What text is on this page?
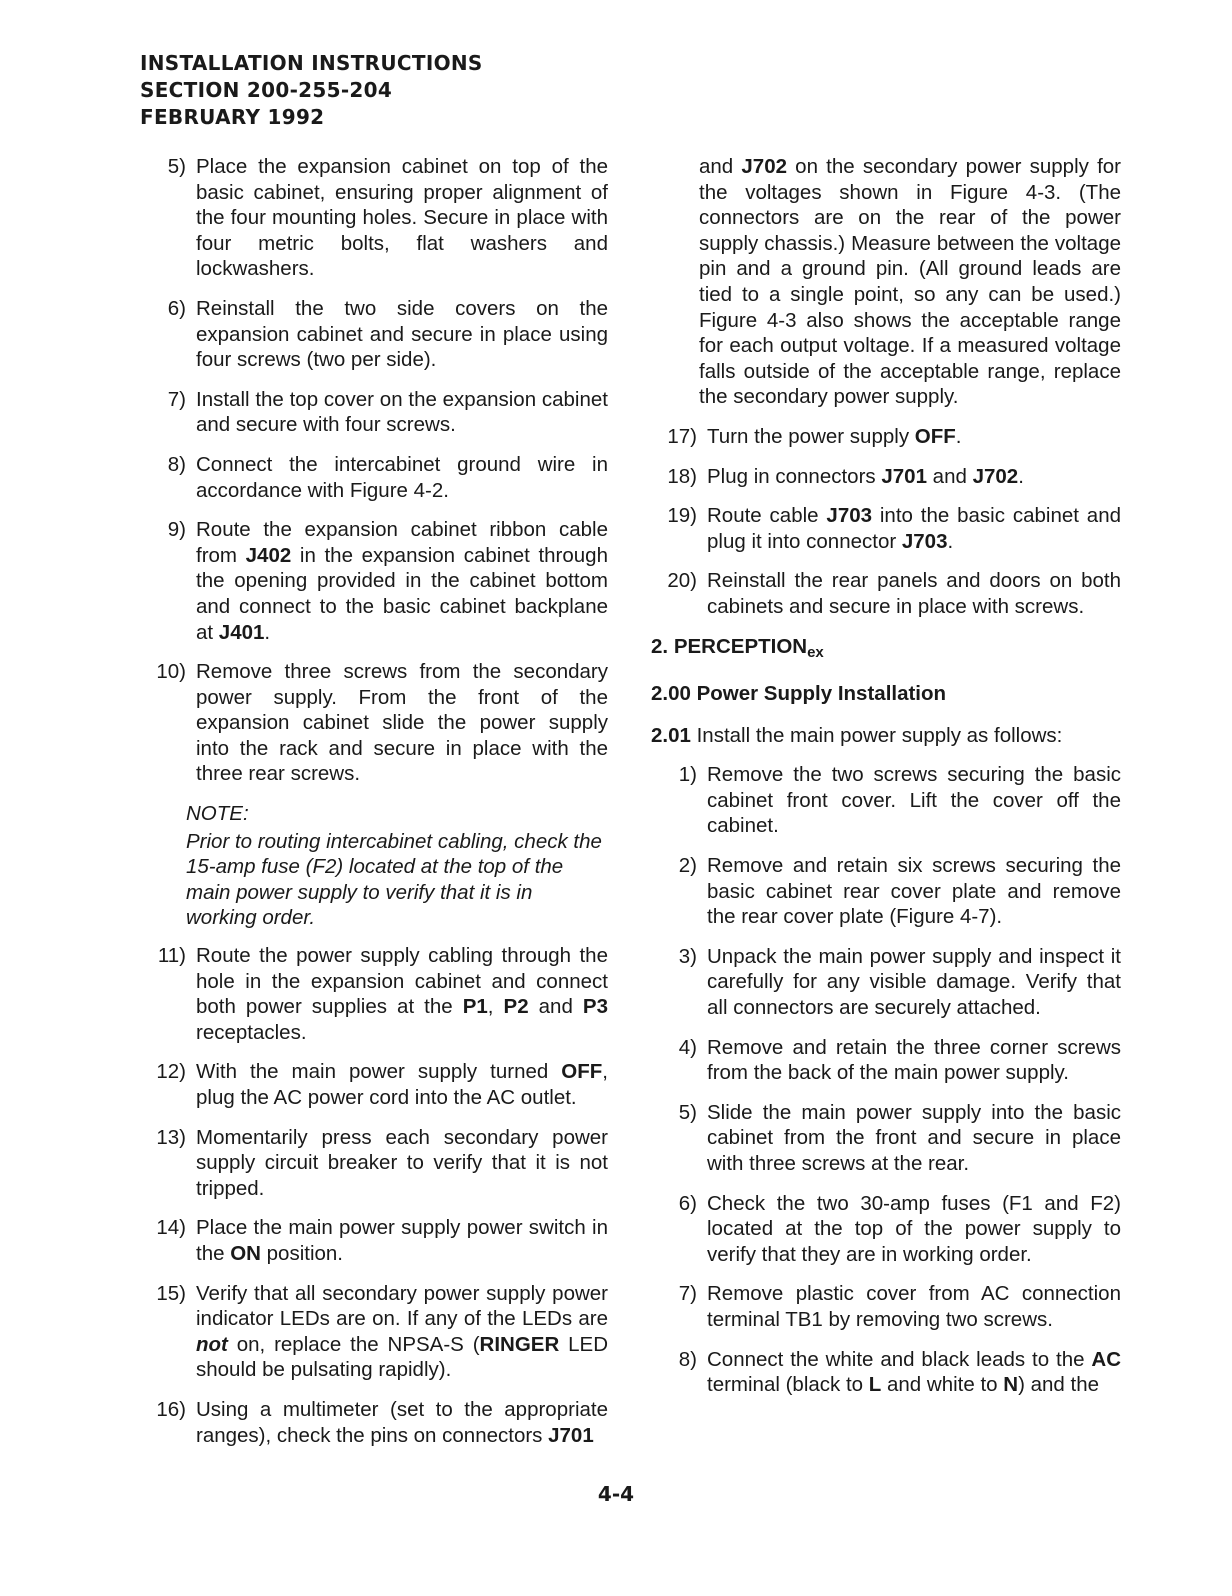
INSTALLATION INSTRUCTIONS
SECTION 200-255-204
FEBRUARY 1992
5) Place the expansion cabinet on top of the basic cabinet, ensuring proper alignment of the four mounting holes. Secure in place with four metric bolts, flat washers and lockwashers.
6) Reinstall the two side covers on the expansion cabinet and secure in place using four screws (two per side).
7) Install the top cover on the expansion cabinet and secure with four screws.
8) Connect the intercabinet ground wire in accordance with Figure 4-2.
9) Route the expansion cabinet ribbon cable from J402 in the expansion cabinet through the opening provided in the cabinet bottom and connect to the basic cabinet backplane at J401.
10) Remove three screws from the secondary power supply. From the front of the expansion cabinet slide the power supply into the rack and secure in place with the three rear screws.
NOTE:
Prior to routing intercabinet cabling, check the 15-amp fuse (F2) located at the top of the main power supply to verify that it is in working order.
11) Route the power supply cabling through the hole in the expansion cabinet and connect both power supplies at the P1, P2 and P3 receptacles.
12) With the main power supply turned OFF, plug the AC power cord into the AC outlet.
13) Momentarily press each secondary power supply circuit breaker to verify that it is not tripped.
14) Place the main power supply power switch in the ON position.
15) Verify that all secondary power supply power indicator LEDs are on. If any of the LEDs are not on, replace the NPSA-S (RINGER LED should be pulsating rapidly).
16) Using a multimeter (set to the appropriate ranges), check the pins on connectors J701
and J702 on the secondary power supply for the voltages shown in Figure 4-3. (The connectors are on the rear of the power supply chassis.) Measure between the voltage pin and a ground pin. (All ground leads are tied to a single point, so any can be used.) Figure 4-3 also shows the acceptable range for each output voltage. If a measured voltage falls outside of the acceptable range, replace the secondary power supply.
17) Turn the power supply OFF.
18) Plug in connectors J701 and J702.
19) Route cable J703 into the basic cabinet and plug it into connector J703.
20) Reinstall the rear panels and doors on both cabinets and secure in place with screws.
2. $PERCEPTION_{ex}$
2.00 Power Supply Installation
2.01 Install the main power supply as follows:
1) Remove the two screws securing the basic cabinet front cover. Lift the cover off the cabinet.
2) Remove and retain six screws securing the basic cabinet rear cover plate and remove the rear cover plate (Figure 4-7).
3) Unpack the main power supply and inspect it carefully for any visible damage. Verify that all connectors are securely attached.
4) Remove and retain the three corner screws from the back of the main power supply.
5) Slide the main power supply into the basic cabinet from the front and secure in place with three screws at the rear.
6) Check the two 30-amp fuses (F1 and F2) located at the top of the power supply to verify that they are in working order.
7) Remove plastic cover from AC connection terminal TB1 by removing two screws.
8) Connect the white and black leads to the AC terminal (black to L and white to N) and the
4-4
